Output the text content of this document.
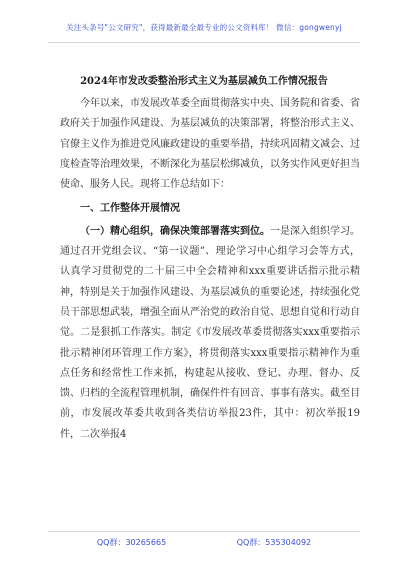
关注头条号"公文研究"，获得最新最全最专业的公文资料库！ 微信：gongwenyj
2024年市发改委整治形式主义为基层减负工作情况报告

今年以来，市发展改革委全面贯彻落实中央、国务院和省委、省政府关于加强作风建设、为基层减负的决策部署，将整治形式主义、官僚主义作为推进党风廉政建设的重要举措，持续巩固精文减会、过度检查等治理效果，不断深化为基层松绑减负，以务实作风更好担当使命、服务人民。现将工作总结如下：

一、工作整体开展情况

（一）精心组织，确保决策部署落实到位。一是深入组织学习。通过召开党组会议、“第一议题”、理论学习中心组学习会等方式，认真学习贯彻党的二十届三中全会精神和xxx重要讲话指示批示精神，特别是关于加强作风建设、为基层减负的重要论述，持续强化党员干部思想武装，增强全面从严治党的政治自觉、思想自觉和行动自觉。二是狠抓工作落实。制定《市发展改革委贯彻落实xxx重要指示批示精神闭环管理工作方案》，将贯彻落实xxx重要指示精神作为重点任务和经常性工作来抓，构建起从接收、登记、办理、督办、反馈、归档的全流程管理机制，确保件件有回音、事事有落实。截至目前，市发展改革委共收到各类信访举报23件，其中：初次举报19件，二次举报4

QQ群：30265665	QQ群：535304092
